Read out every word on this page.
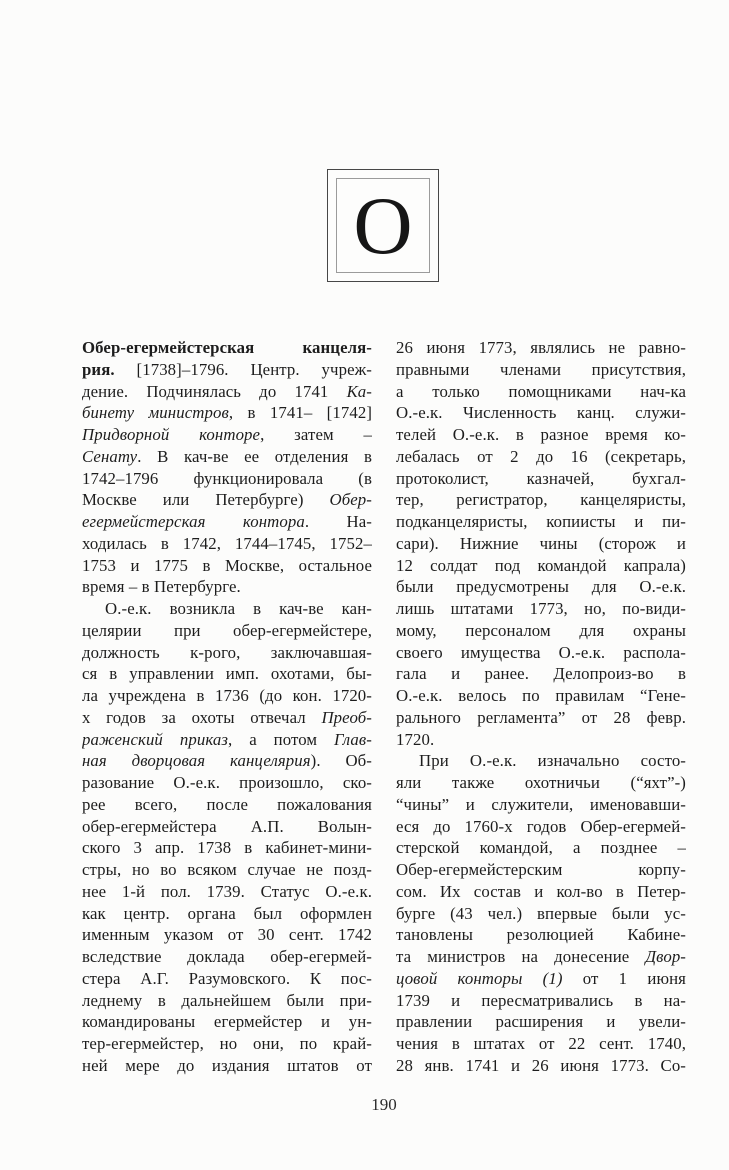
О
Обер-егермейстерская канцеля-
рия. [1738]–1796. Центр. учреж-
дение. Подчинялась до 1741 Ка-
бинету министров, в 1741– [1742]
Придворной конторе, затем –
Сенату. В кач-ве ее отделения в
1742–1796 функционировала (в
Москве или Петербурге) Обер-
егермейстерская контора. На-
ходилась в 1742, 1744–1745, 1752–
1753 и 1775 в Москве, остальное
время – в Петербурге.
О.-е.к. возникла в кач-ве кан-
целярии при обер-егермейстере,
должность к-рого, заключавшая-
ся в управлении имп. охотами, бы-
ла учреждена в 1736 (до кон. 1720-
х годов за охоты отвечал Преоб-
раженский приказ, а потом Глав-
ная дворцовая канцелярия). Об-
разование О.-е.к. произошло, ско-
рее всего, после пожалования
обер-егермейстера А.П. Волын-
ского 3 апр. 1738 в кабинет-мини-
стры, но во всяком случае не позд-
нее 1-й пол. 1739. Статус О.-е.к.
как центр. органа был оформлен
именным указом от 30 сент. 1742
вследствие доклада обер-егермей-
стера А.Г. Разумовского. К пос-
леднему в дальнейшем были при-
командированы егермейстер и ун-
тер-егермейстер, но они, по край-
ней мере до издания штатов от
26 июня 1773, являлись не равно-
правными членами присутствия,
а только помощниками нач-ка
О.-е.к. Численность канц. служи-
телей О.-е.к. в разное время ко-
лебалась от 2 до 16 (секретарь,
протоколист, казначей, бухгал-
тер, регистратор, канцеляристы,
подканцеляристы, копиисты и пи-
сари). Нижние чины (сторож и
12 солдат под командой капрала)
были предусмотрены для О.-е.к.
лишь штатами 1773, но, по-види-
мому, персоналом для охраны
своего имущества О.-е.к. распола-
гала и ранее. Делопроиз-во в
О.-е.к. велось по правилам “Гене-
рального регламента” от 28 февр.
1720.
При О.-е.к. изначально состо-
яли также охотничьи (“яхт”-)
“чины” и служители, именовавши-
еся до 1760-х годов Обер-егермей-
стерской командой, а позднее –
Обер-егермейстерским корпу-
сом. Их состав и кол-во в Петер-
бурге (43 чел.) впервые были ус-
тановлены резолюцией Кабине-
та министров на донесение Двор-
цовой конторы (1) от 1 июня
1739 и пересматривались в на-
правлении расширения и увели-
чения в штатах от 22 сент. 1740,
28 янв. 1741 и 26 июня 1773. Со-
190
